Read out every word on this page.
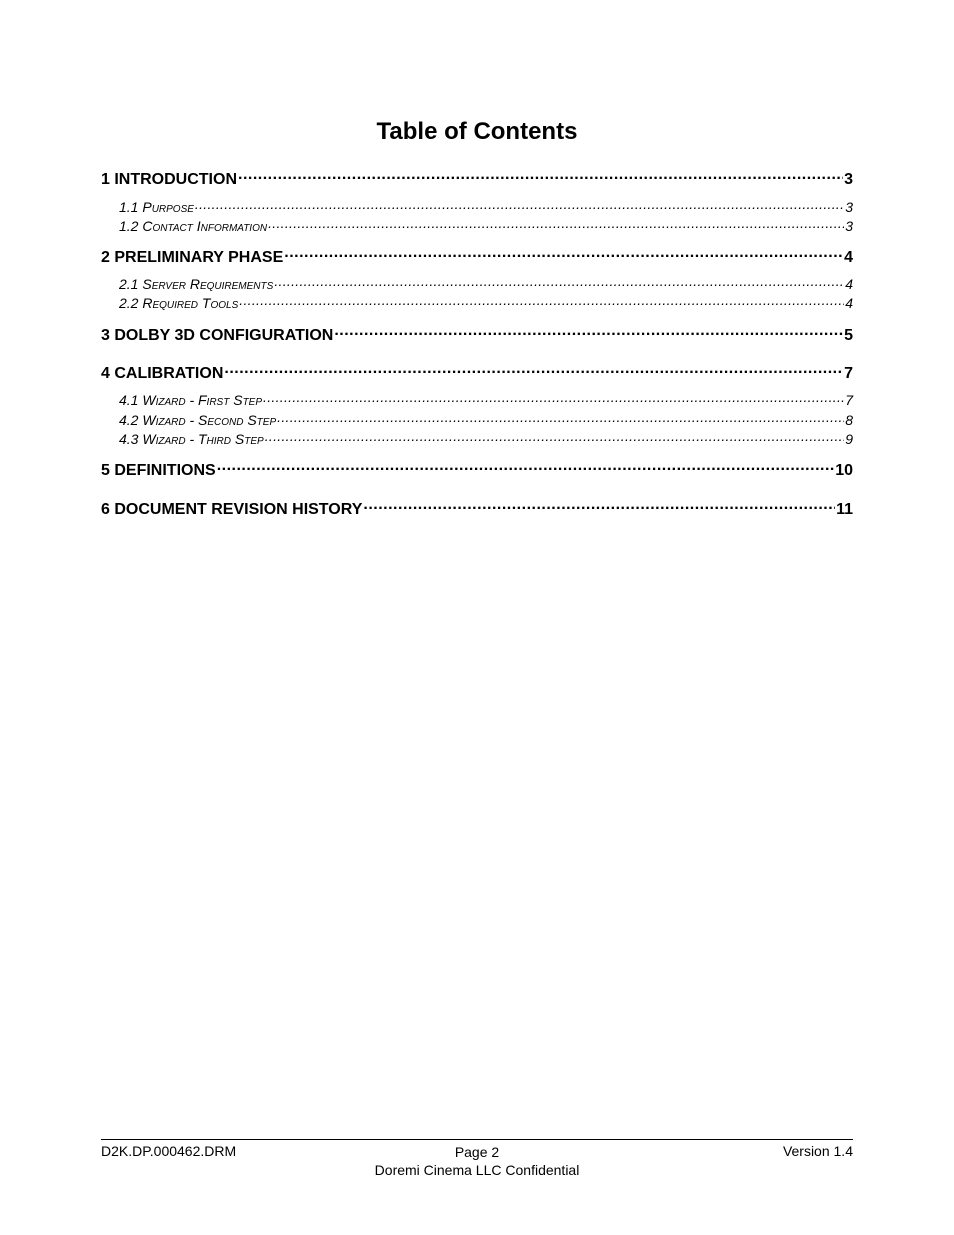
Table of Contents
1 INTRODUCTION .....	3
1.1 Purpose .....	3
1.2 Contact Information .....	3
2 PRELIMINARY PHASE .....	4
2.1 Server Requirements .....	4
2.2 Required Tools .....	4
3 DOLBY 3D CONFIGURATION .....	5
4 CALIBRATION .....	7
4.1 Wizard - First Step .....	7
4.2 Wizard - Second Step .....	8
4.3 Wizard - Third Step .....	9
5 DEFINITIONS .....	10
6 DOCUMENT REVISION HISTORY .....	11
D2K.DP.000462.DRM	Page 2
Doremi Cinema LLC Confidential
Version 1.4
